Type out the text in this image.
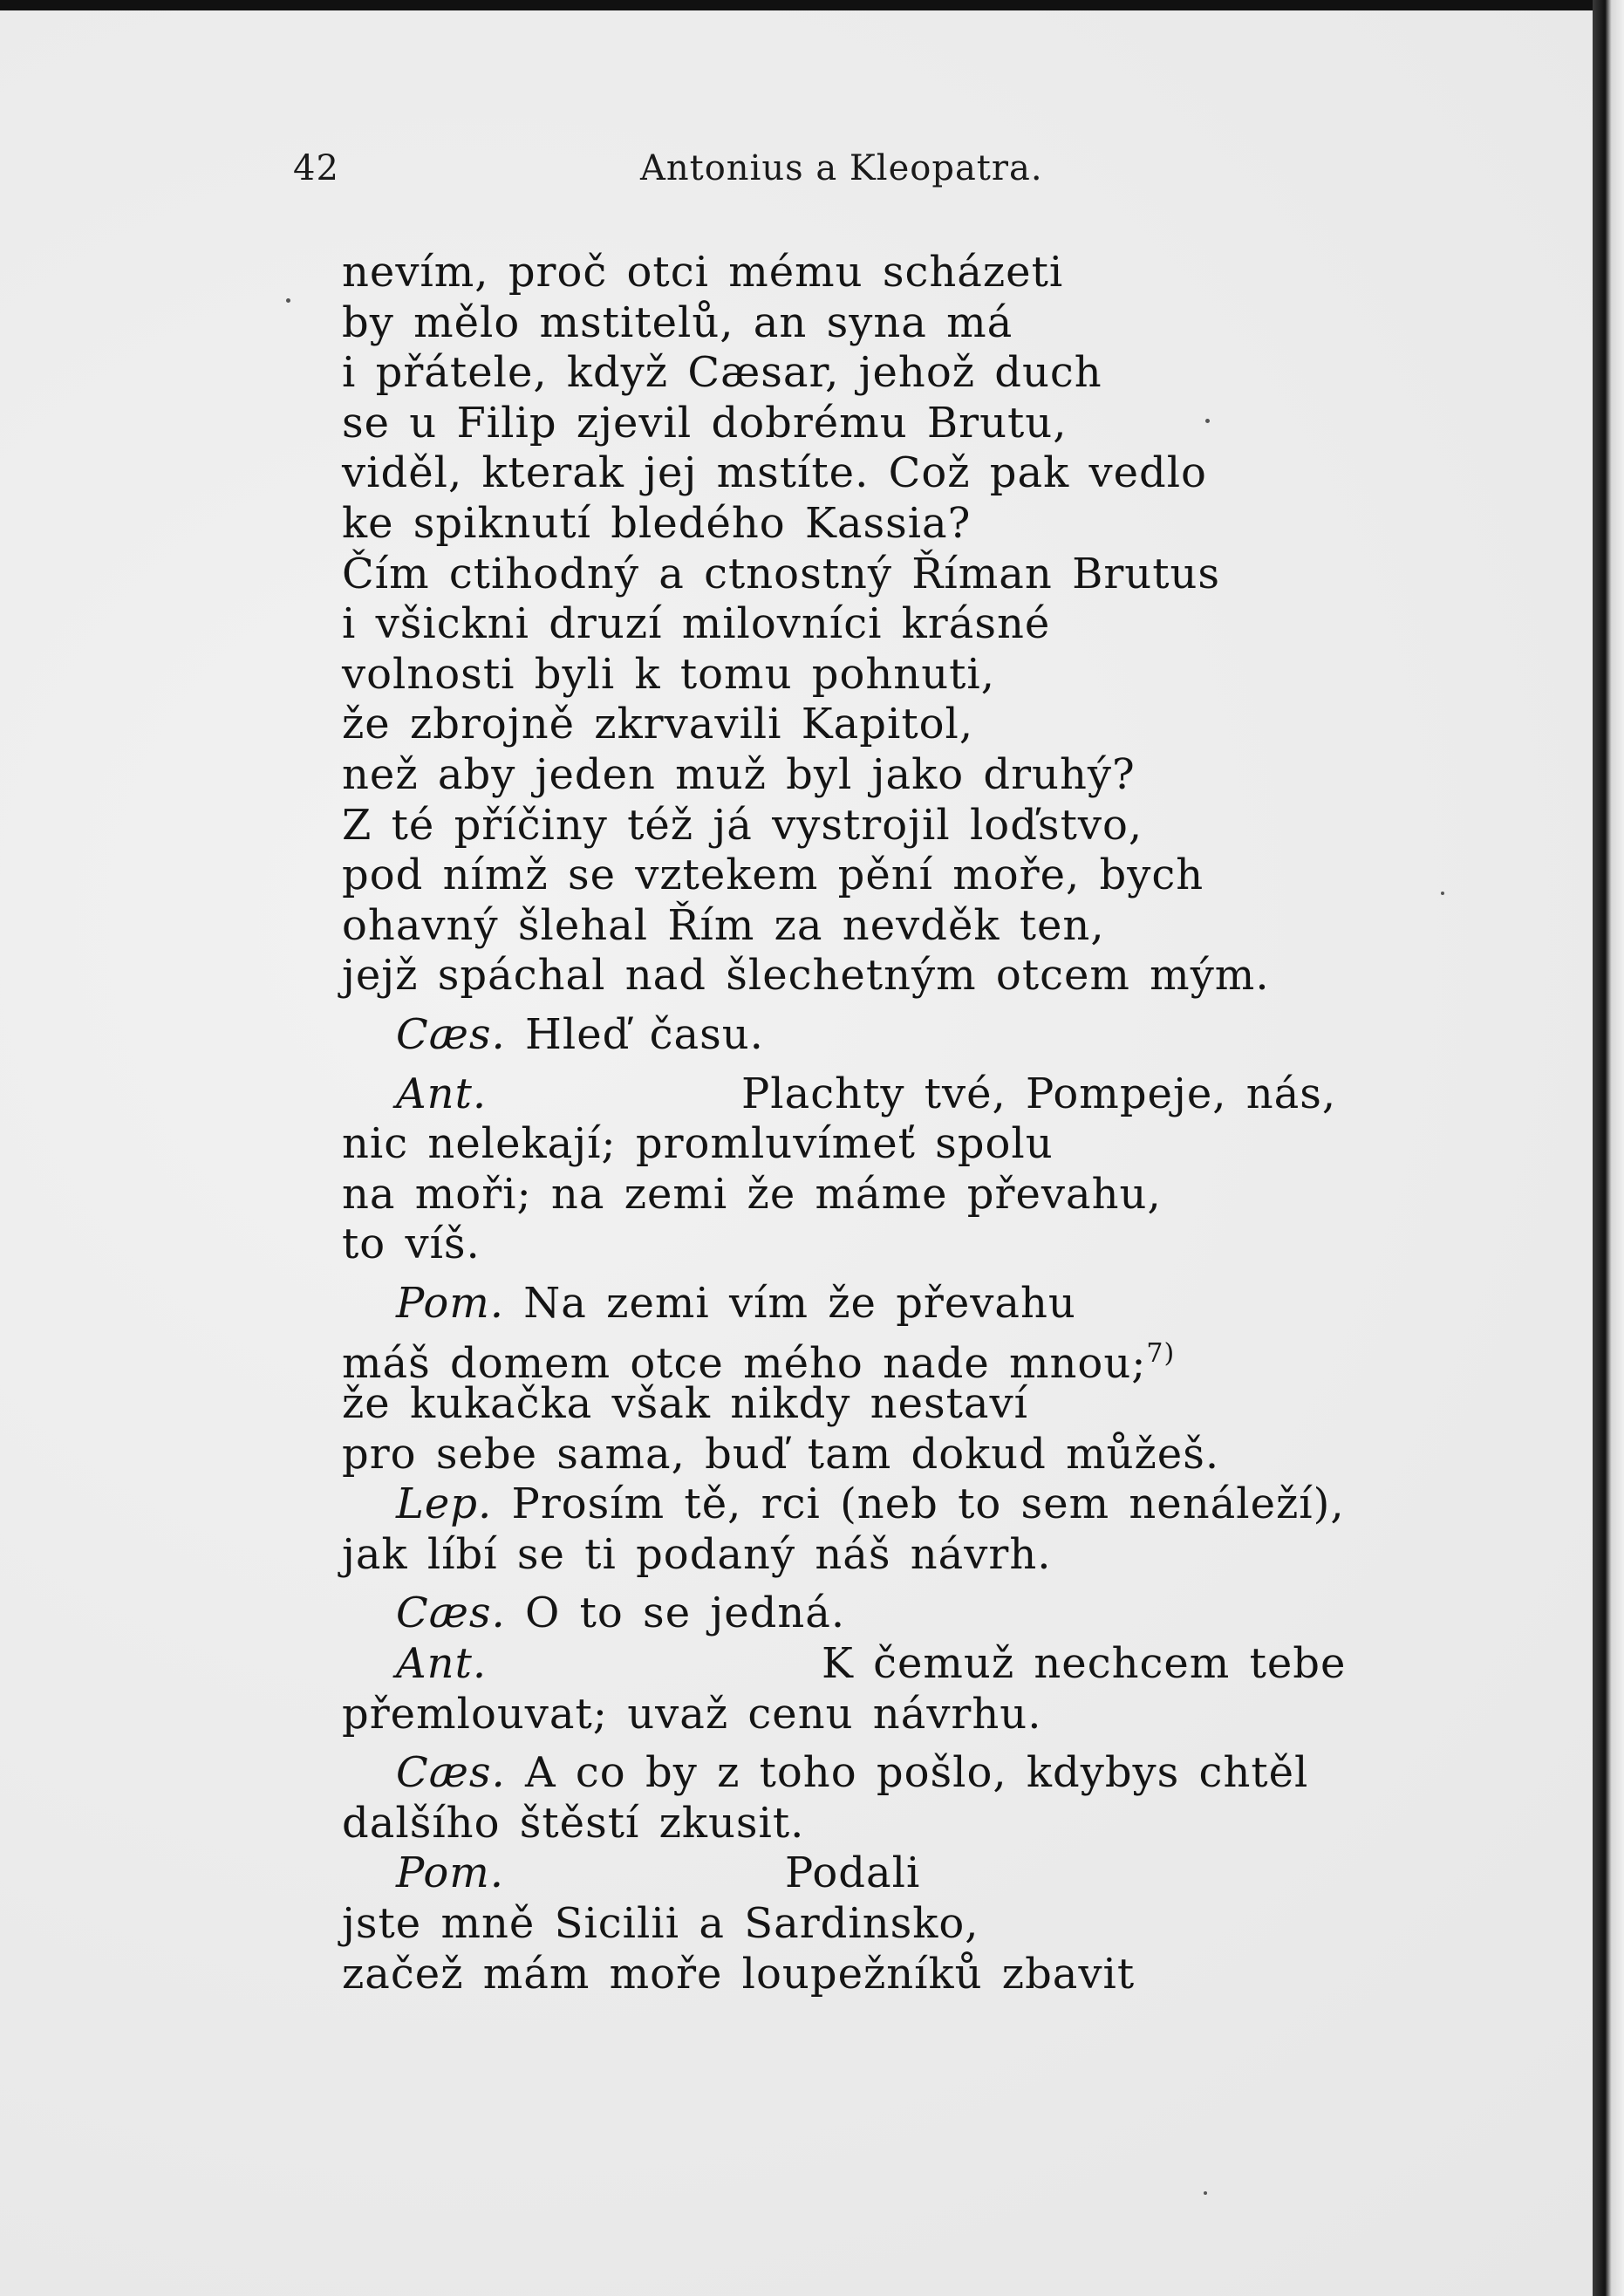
42	Antonius a Kleopatra.
nevím, proč otci mému scházeti
by mělo mstitelů, an syna má
i přátele, když Cæsar, jehož duch
se u Filip zjevil dobrému Brutu,
viděl, kterak jej mstíte. Což pak vedlo
ke spiknutí bledého Kassia?
Čím ctihodný a ctnostný Říman Brutus
i všickni druzí milovníci krásné
volnosti byli k tomu pohnuti,
že zbrojně zkrvavili Kapitol,
než aby jeden muž byl jako druhý?
Z té příčiny též já vystrojil loďstvo,
pod nímž se vztekem pění moře, bych
ohavný šlehal Řím za nevděk ten,
jejž spáchal nad šlechetným otcem mým.
Cæs. Hleď času.
Ant.	Plachty tvé, Pompeje, nás,
nic nelekají; promluvímeť spolu
na moři; na zemi že máme převahu,
to víš.
Pom. Na zemi vím že převahu
máš domem otce mého nade mnou;$^{7)}$
že kukačka však nikdy nestaví
pro sebe sama, buď tam dokud můžeš.
Lep. Prosím tě, rci (neb to sem nenáleží),
jak líbí se ti podaný náš návrh.
Cæs. O to se jedná.
Ant.	K čemuž nechcem tebe
přemlouvat; uvaž cenu návrhu.
Cæs. A co by z toho pošlo, kdybys chtěl
dalšího štěstí zkusit.
Pom.	Podali
jste mně Sicilii a Sardinsko,
začež mám moře loupežníků zbavit
